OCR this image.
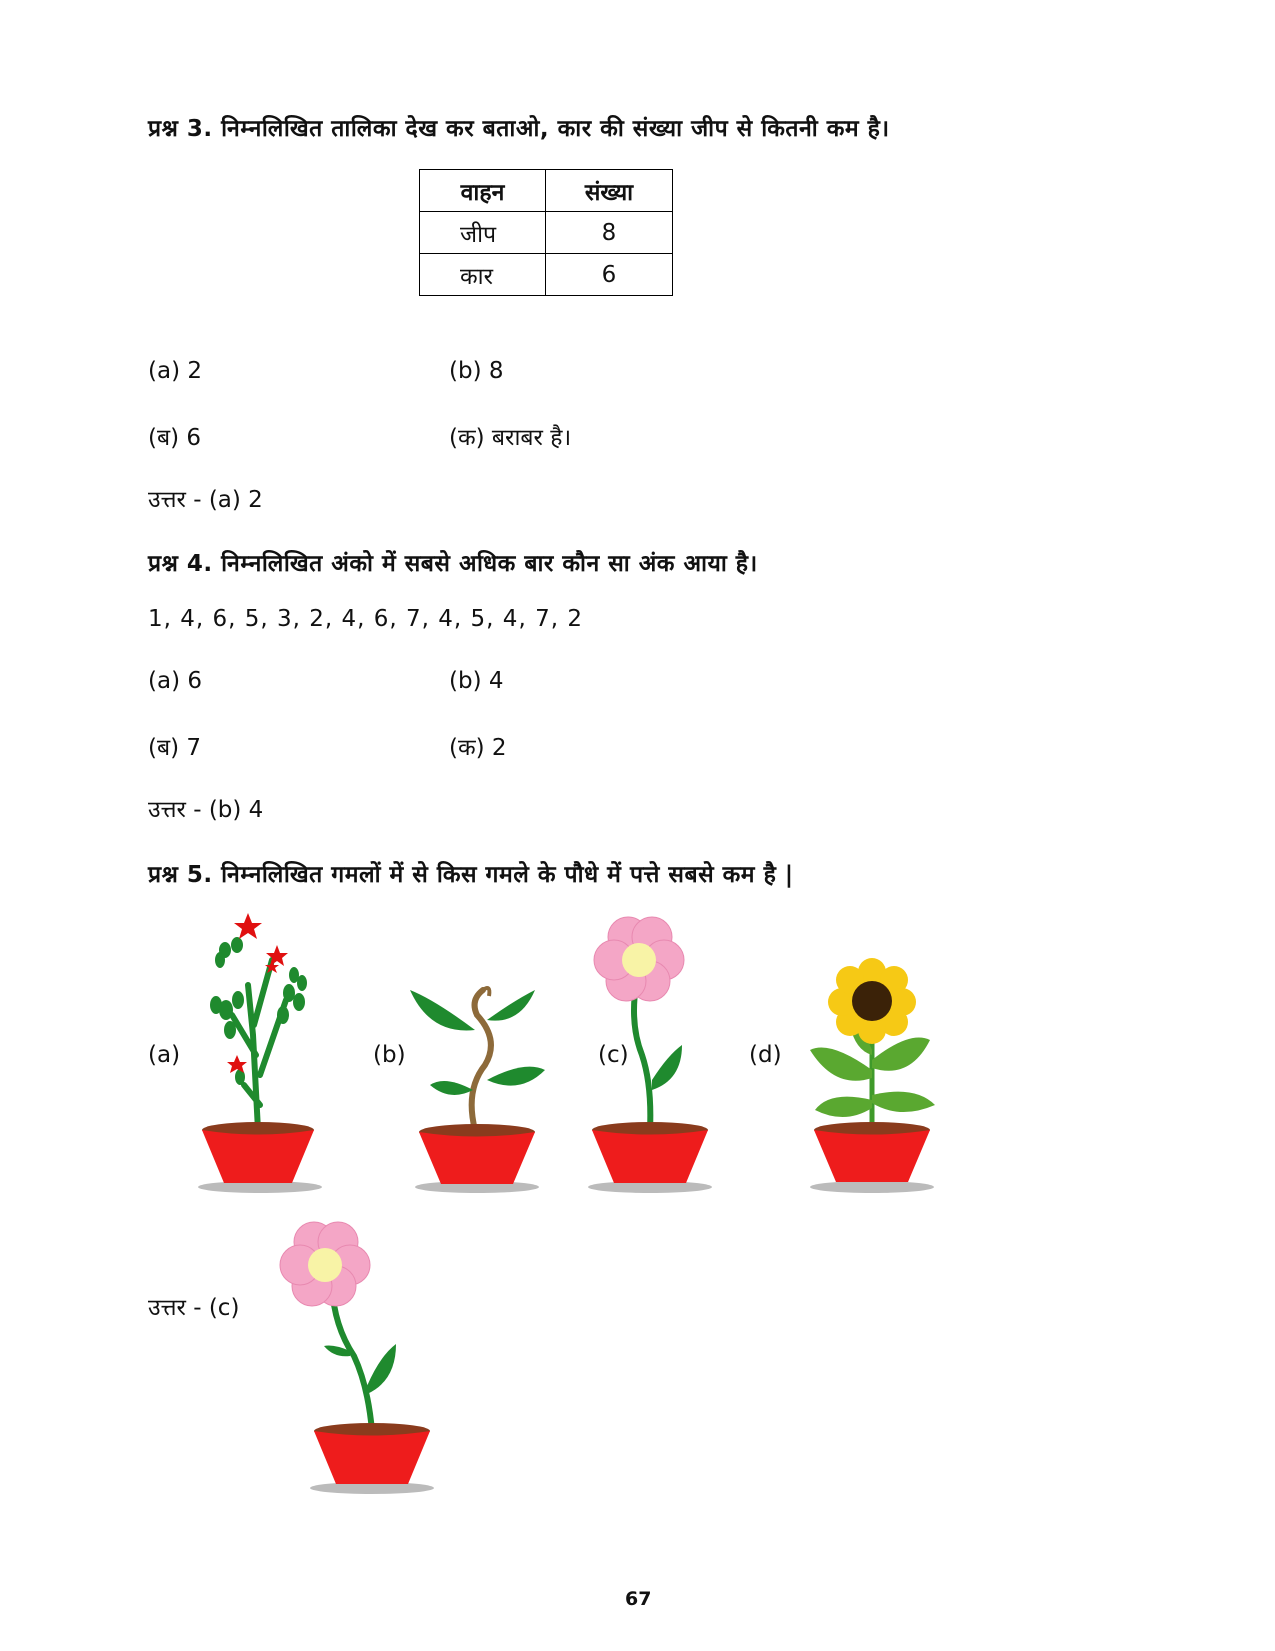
प्रश्न 3. निम्नलिखित तालिका देख कर बताओ, कार की संख्या जीप से कितनी कम है।
वाहन	संख्या
जीप	8
कार	6
(a) 2	(b) 8
(ब) 6	(क) बराबर है।
उत्तर - (a) 2
प्रश्न 4. निम्नलिखित अंको में सबसे अधिक बार कौन सा अंक आया है।
1, 4, 6, 5, 3, 2, 4, 6, 7, 4, 5, 4, 7, 2
(a) 6	(b) 4
(ब) 7	(क) 2
उत्तर - (b) 4
प्रश्न 5. निम्नलिखित गमलों में से किस गमले के पौधे में पत्ते सबसे कम है |
(a)	(b)	(c)	(d)
उत्तर - (c)
67
